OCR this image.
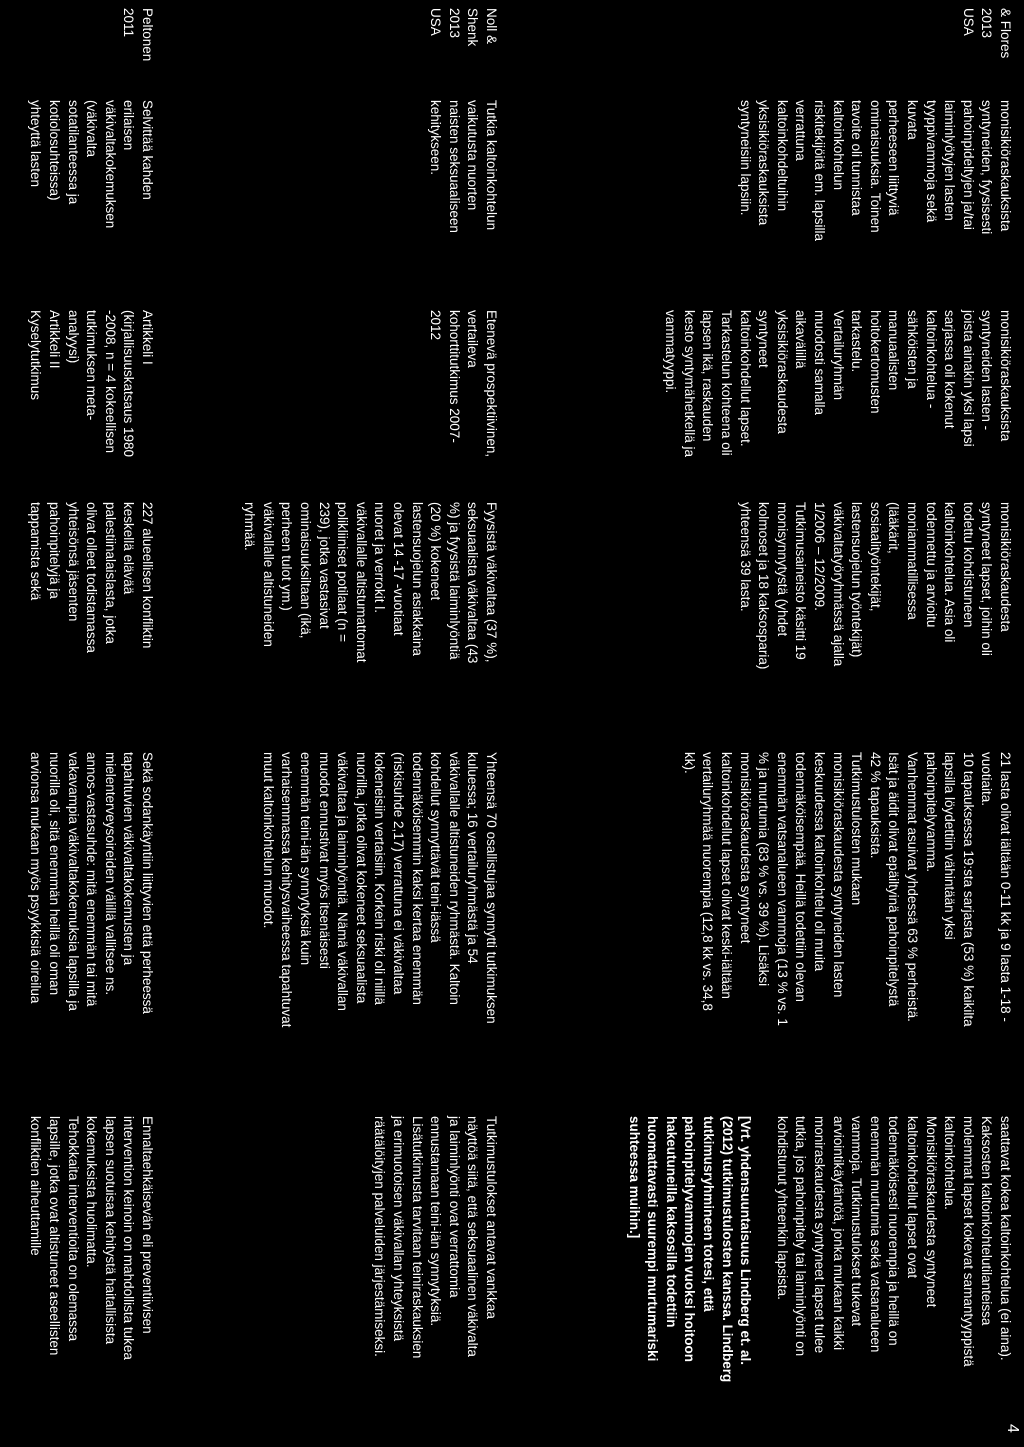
4
& Flores
2013
USA
monisikiöraskauksista
syntyneiden, fyysisesti
pahoinpideltyjen ja/tai
laiminlyötyjen lasten
tyyppivammoja sekä
kuvata
perheeseen liittyviä
ominaisuuksia. Toinen
tavoite oli tunnistaa
kaltoinkohtelun
riskitekijöitä em. lapsilla
verrattuna
kaltoinkohdeltuihin
yksisikiöraskauksista
syntyneisiin lapsiin.
monisikiöraskauksista
syntyneiden lasten -
joista ainakin yksi lapsi
sarjassa oli kokenut
kaltoinkohtelua -
sähköisten ja
manuaalisten
hoitokertomusten
tarkastelu.
Vertailuryhmän
muodosti samalla
aikavälillä
yksisikiöraskaudesta
syntyneet
kaltoinkohdellut lapset.
Tarkastelun kohteena oli
lapsen ikä, raskauden
kesto syntymähetkellä ja
vammatyyppi.
monisikiöraskaudesta
syntyneet lapset, joihin oli
todettu kohdistuneen
kaltoinkohtelua. Asia oli
todennettu ja arvioitu
moniammatillisessa
(lääkärit,
sosiaalityöntekijät,
lastensuojelun työntekijät)
väkivaltatyöryhmässä ajalla
1/2006 – 12/2009.
Tutkimusaineisto käsitti 19
monisynnytystä (yhdet
kolmoset ja 18 kaksosparia)
yhteensä 39 lasta.
21 lasta olivat iältään 0-11 kk ja 9 lasta 1-18 -
vuotiaita.
10 tapauksessa 19:sta sarjasta (53 %) kaikilta
lapsilla löydettiin vähintään yksi
pahoinpitelyvamma.
Vanhemmat asuivat yhdessä 63 % perheistä.
Isät ja äidit olivat epäiltyinä pahoinpitelystä
42 % tapauksista.
Tutkimustulosten mukaan
monisikiöraskaudesta syntyneiden lasten
keskuudessa kaltoinkohtelu oli muita
todennäköisempää. Heillä todettiin olevan
enemmän vatsanalueen vammoja (13 % vs. 1
% ja murtumia (83 % vs. 39 %). Lisäksi
monisikiöraskaudesta syntyneet
kaltoinkohdellut lapset olivat keski-iältään
vertailuryhmää nuorempia (12,8 kk vs. 34,8
kk).
saattavat kokea kaltoinkohtelua (ei aina).
Kaksosten kaltoinkohtelutilanteissa
molemmat lapset kokevat samantyyppistä
kaltoinkohtelua.
Monisikiöraskaudesta syntyneet
kaltoinkohdellut lapset ovat
todennäköisesti nuorempia ja heillä on
enemmän murtumia sekä vatsanalueen
vammoja. Tutkimustulokset tukevat
arviointikäytäntöä, jonka mukaan kaikki
moniraskaudesta syntyneet lapset tulee
tutkia, jos pahoinpitely tai laiminlyönti on
kohdistunut yhteenkin lapsista.
[Vrt. yhdensuuntaisuus Lindberg et. al.
(2012) tutkimustulosten kanssa. Lindberg
tutkimusryhmineen totesi, että
pahoinpitelyvammojen vuoksi hoitoon
hakeutuneilla kaksosilla todettiin
huomattavasti suurempi murtumariski
suhteessa muihin.]
Noll &
Shenk
2013
USA
Tutkia kaltoinkohtelun
vaikutusta nuorten
naisten seksuaaliseen
kehitykseen.
Etenevä prospektiivinen,
vertaileva
kohorttitutkimus 2007-
2012
Fyysistä väkivaltaa (37 %),
seksuaalista väkivaltaa (43
%) ja fyysistä laiminlyöntiä
(20 %) kokeneet
lastensuojelun asiakkaina
olevat 14 -17 -vuotiaat
nuoret ja verrokit l.
väkivallalle altistumattomat
polikliiniset potilaat (n =
239), jotka vastasivat
ominaisuuksiltaan (ikä,
perheen tulot ym.)
väkivallalle altistuneiden
ryhmää.
Yhteensä 70 osallistujaa synnytti tutkimuksen
kuluessa; 16 vertailuryhmästä ja 54
väkivallalle altistuneiden ryhmästä. Kaltoin
kohdellut synnyttävät teini-iässä
todennäköisemmin kaksi kertaa enemmän
(riskisuhde 2,17) verrattuna ei väkivaltaa
kokeneisiin vertaisiin. Korkein riski oli niillä
nuorilla, jotka olivat kokeneet seksuaalista
väkivaltaa ja laiminlyöntiä. Nämä väkivallan
muodot ennustivat myös itsenäisesti
enemmän teini-iän synnytyksiä kuin
varhaisemmassa kehitysvaiheessa tapahtuvat
muut kaltoinkohtelun muodot.
Tutkimustulokset antavat vankkaa
näyttöä siitä, että seksuaalinen väkivalta
ja laiminlyönti ovat verrattomia
ennustamaan teini-iän synnytyksiä.
Lisätutkimusta tarvitaan teiniraskauksien
ja erimuotoisen väkivallan yhteyksistä
räätälöityjen palveluiden järjestämiseksi.
Peltonen
2011
Selvittää kahden
erilaisen
väkivaltakokemuksen
(väkivalta
sotatilanteessa ja
kotiolosuhteissa)
yhteyttä lasten
Artikkeli I
(kirjallisuuskatsaus 1980
-2008, n = 4 kokeellisen
tutkimuksen meta-
analyysi)
Artikkeli II
Kyselytutkimus
227 alueellisen konfliktin
keskellä elävää
palestiinalaislasta, jotka
olivat olleet todistamassa
yhteisönsä jäsenten
pahoinpitelyjä ja
tappamista sekä
Sekä sodankäyntiin liittyvien että perheessä
tapahtuvien väkivaltakokemusten ja
mielenterveysoireiden välillä vallitsee ns.
annos-vastasuhde: mitä enemmän tai mitä
vakavampia väkivaltakokemuksia lapsilla ja
nuorilla oli, sitä enemmän heillä oli oman
arvionsa mukaan myös psyykkisiä oireilua
Ennaltaehkäisevän eli preventiivisen
intervention keinoin on mahdollista tukea
lapsen suotuisaa kehitystä haitallisista
kokemuksista huolimatta.
Tehokkaita interventioita on olemassa
lapsille, jotka ovat altistuneet aseellisten
konfliktien aiheuttamille
